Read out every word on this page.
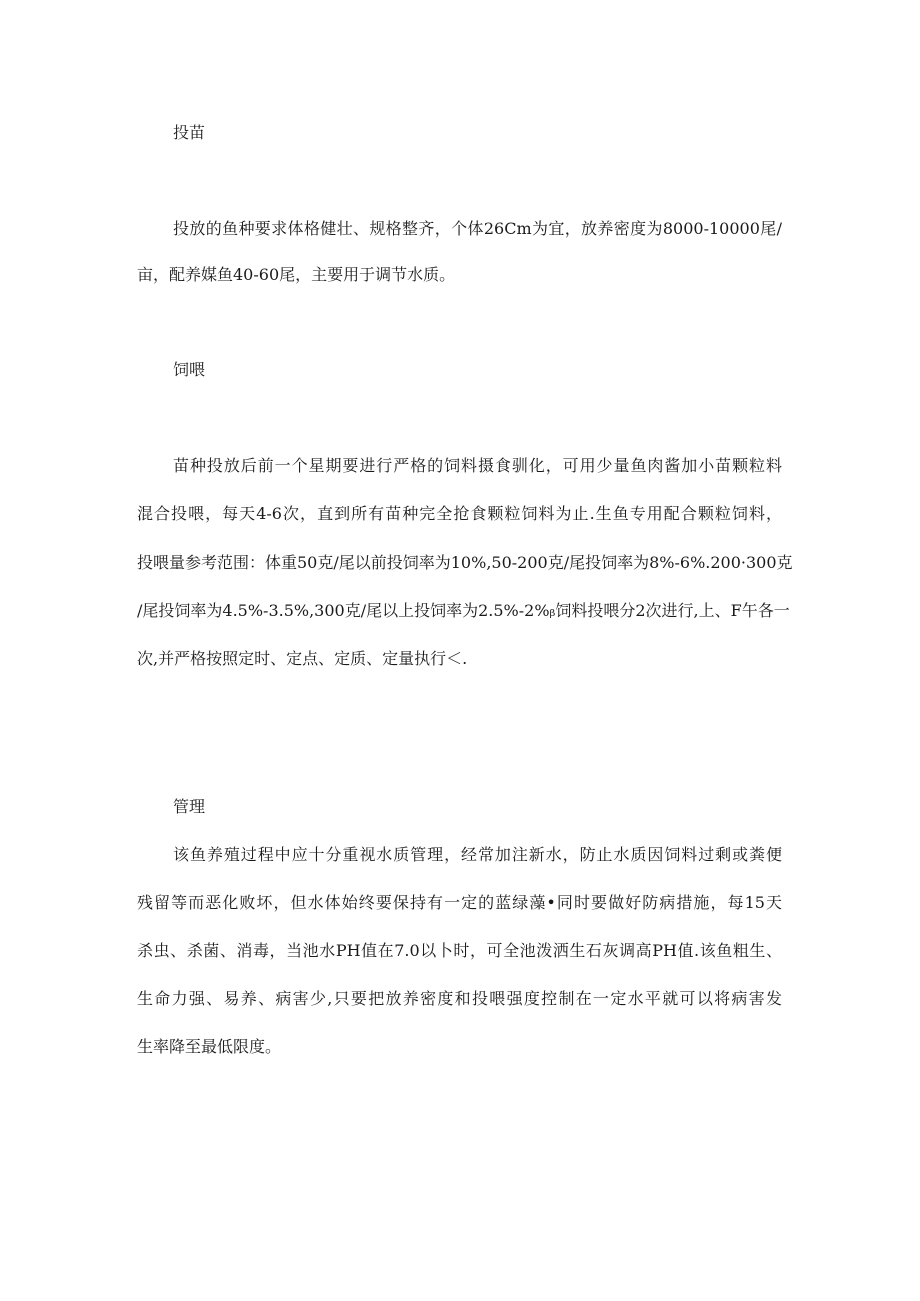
投苗
投放的鱼种要求体格健壮、规格整齐，个体26Cm为宜，放养密度为8000-10000尾/
亩，配养媒鱼40-60尾，主要用于调节水质。
饲喂
苗种投放后前一个星期要进行严格的饲料摄食驯化，可用少量鱼肉酱加小苗颗粒料
混合投喂，每天4-6次，直到所有苗种完全抢食颗粒饲料为止.生鱼专用配合颗粒饲料，
投喂量参考范围：体重50克/尾以前投饲率为10%,50-200克/尾投饲率为8%-6%.200·300克
/尾投饲率为4.5%-3.5%,300克/尾以上投饲率为2.5%-2%ᵦ饲料投喂分2次进行,上、F午各一
次,并严格按照定时、定点、定质、定量执行＜.
管理
该鱼养殖过程中应十分重视水质管理，经常加注新水，防止水质因饲料过剩或粪便
残留等而恶化败坏，但水体始终要保持有一定的蓝绿藻•同时要做好防病措施，每15天
杀虫、杀菌、消毒，当池水PH值在7.0以卜时，可全池泼洒生石灰调高PH值.该鱼粗生、
生命力强、易养、病害少,只要把放养密度和投喂强度控制在一定水平就可以将病害发
生率降至最低限度。
